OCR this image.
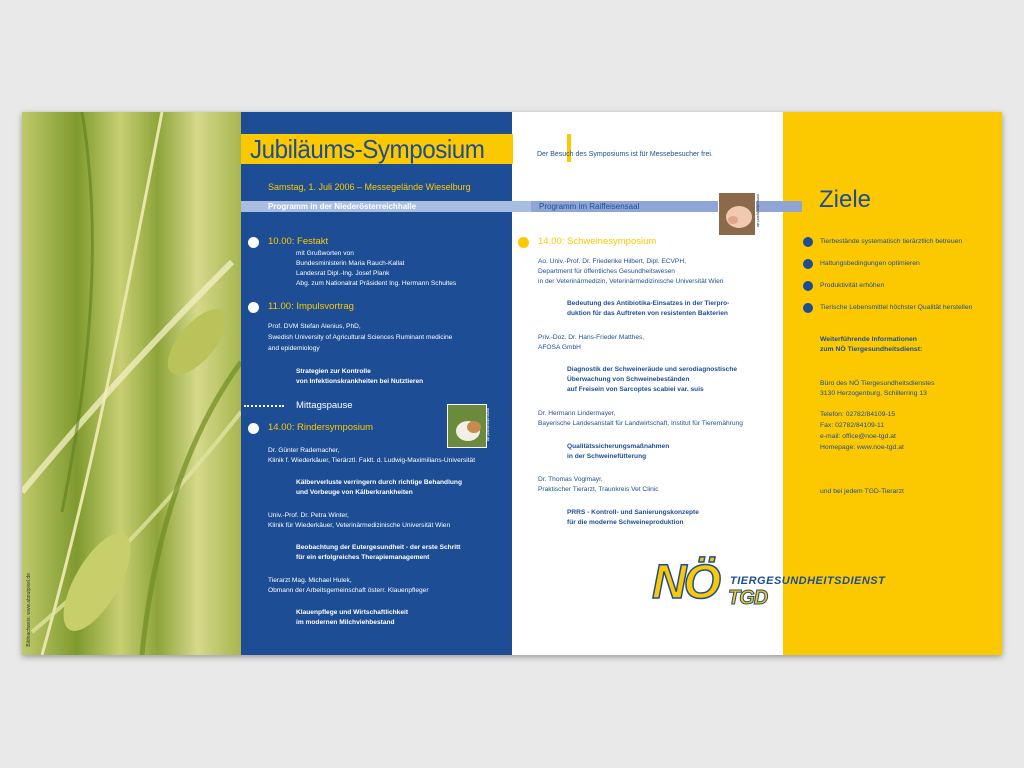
Bildnachweis: www.aboutpixel.de
Jubiläums-Symposium	Der Besuch des Symposiums ist für Messebesucher frei.
Samstag, 1. Juli 2006 – Messegelände Wieselburg
Programm in der Niederösterreichhalle	Programm im Raiffeisensaal	www.aboutpixel.de
www.aboutpixel.de
10.00: Festakt
mit Grußworten von
Bundesministerin Maria Rauch-Kallat
Landesrat Dipl.-Ing. Josef Plank
Abg. zum Nationalrat Präsident Ing. Hermann Schultes
11.00: Impulsvortrag
Prof. DVM Stefan Alenius, PhD,
Swedish University of Agricultural Sciences Ruminant medicine
and epidemiology
Strategien zur Kontrolle
von Infektionskrankheiten bei Nutztieren
Mittagspause
14.00: Rindersymposium
Dr. Günter Rademacher,
Klinik f. Wiederkäuer, Tierärztl. Faklt. d. Ludwig-Maximilians-Universität
Kälberverluste verringern durch richtige Behandlung
und Vorbeuge von Kälberkrankheiten
Univ.-Prof. Dr. Petra Winter,
Klinik für Wiederkäuer, Veterinärmedizinische Universität Wien
Beobachtung der Eutergesundheit - der erste Schritt
für ein erfolgreiches Therapiemanagement
Tierarzt Mag. Michael Hulek,
Obmann der Arbeitsgemeinschaft österr. Klauenpfleger
Klauenpflege und Wirtschaftlichkeit
im modernen Milchviehbestand
14.00: Schweinesymposium
Ao. Univ.-Prof. Dr. Friederike Hilbert, Dipl. ECVPH,
Department für öffentliches Gesundheitswesen
in der Veterinärmedizin, Veterinärmedizinische Universität Wien
Bedeutung des Antibiotika-Einsatzes in der Tierpro-
duktion für das Auftreten von resistenten Bakterien
Priv.-Doz. Dr. Hans-Frieder Matthes,
AFOSA GmbH
Diagnostik der Schweineräude und serodiagnostische
Überwachung von Schweinebeständen
auf Freisein von Sarcoptes scabiei var. suis
Dr. Hermann Lindermayer,
Bayerische Landesanstalt für Landwirtschaft, Institut für Tierernährung
Qualitätssicherungsmaßnahmen
in der Schweinefütterung
Dr. Thomas Voglmayr,
Praktischer Tierarzt, Traunkreis Vet Clinic
PRRS - Kontroll- und Sanierungskonzepte
für die moderne Schweineproduktion
NÖ TIERGESUNDHEITSDIENST
TGD
Ziele
Tierbestände systematisch tierärztlich betreuen
Haltungsbedingungen optimieren
Produktivität erhöhen
Tierische Lebensmittel höchster Qualität herstellen
Weiterführende Informationen
zum NÖ Tiergesundheitsdienst:
Büro des NÖ Tiergesundheitsdienstes
3130 Herzogenburg, Schillerring 13
Telefon: 02782/84109-15
Fax: 02782/84109-11
e-mail: office@noe-tgd.at
Homepage: www.noe-tgd.at
und bei jedem TGD-Tierarzt
